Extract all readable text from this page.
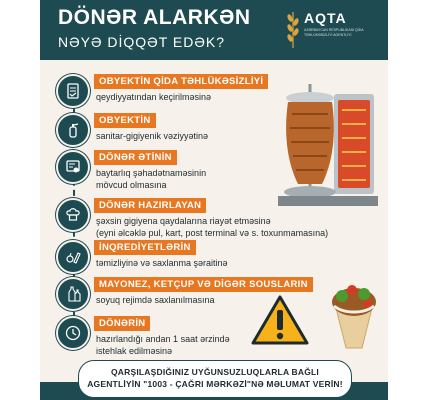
DÖNƏR ALARKƏN
NƏYƏ DİQQƏT EDƏK?
AQTA
AZƏRBAYCAN RESPUBLİKASI QİDA TƏHLÜKƏSİZLİYİ AGENTLİYİ
OBYEKTİN QİDA TƏHLÜKƏSİZLİYİ
qeydiyyatından keçirilməsinə
OBYEKTİN
sanitar-gigiyenik vəziyyətinə
DÖNƏR ƏTİNİN
baytarlıq şəhadətnaməsinin
mövcud olmasına
DÖNƏR HAZIRLAYAN
şəxsin gigiyena qaydalarına riayət etməsinə
(eyni əlcəklə pul, kart, post terminal və s. toxunmamasına)
İNQREDİYETLƏRİN
təmizliyinə və saxlanma şəraitinə
MAYONEZ, KETÇUP VƏ DİGƏR SOUSLARIN
soyuq rejimdə saxlanılmasına
DÖNƏRİN
hazırlandığı andan 1 saat ərzində
istehlak edilməsinə
QARŞILAŞDIĞINIZ UYĞUNSUZLUQLARLA BAĞLI
AGENTLİYİN "1003 - ÇAĞRI MƏRKƏZİ"NƏ MƏLUMAT VERİN!
